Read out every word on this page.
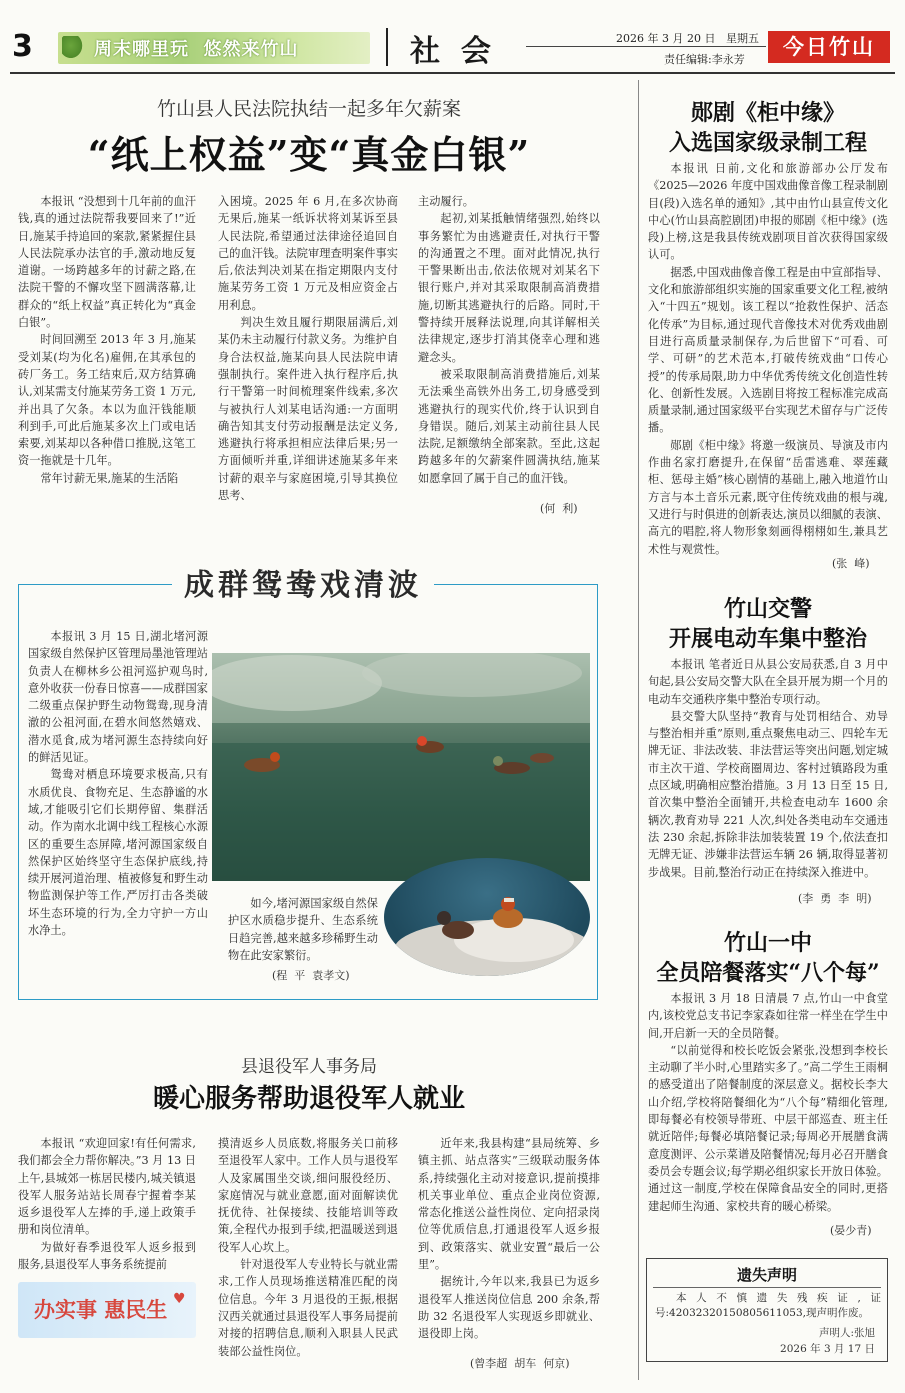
3	周末哪里玩  悠然来竹山	社  会	2026 年 3 月 20 日   星期五
责任编辑:李永芳
今日竹山
竹山县人民法院执结一起多年欠薪案
“纸上权益”变“真金白银”

本报讯 “没想到十几年前的血汗钱,真的通过法院帮我要回来了!”近日,施某手持追回的案款,紧紧握住县人民法院承办法官的手,激动地反复道谢。一场跨越多年的讨薪之路,在法院干警的不懈攻坚下圆满落幕,让群众的“纸上权益”真正转化为“真金白银”。

时间回溯至 2013 年 3 月,施某受刘某(均为化名)雇佣,在其承包的砖厂务工。务工结束后,双方结算确认,刘某需支付施某劳务工资 1 万元,并出具了欠条。本以为血汗钱能顺利到手,可此后施某多次上门或电话索要,刘某却以各种借口推脱,这笔工资一拖就是十几年。

常年讨薪无果,施某的生活陷

入困境。2025 年 6 月,在多次协商无果后,施某一纸诉状将刘某诉至县人民法院,希望通过法律途径追回自己的血汗钱。法院审理查明案件事实后,依法判决刘某在指定期限内支付施某劳务工资 1 万元及相应资金占用利息。

判决生效且履行期限届满后,刘某仍未主动履行付款义务。为维护自身合法权益,施某向县人民法院申请强制执行。案件进入执行程序后,执行干警第一时间梳理案件线索,多次与被执行人刘某电话沟通:一方面明确告知其支付劳动报酬是法定义务,逃避执行将承担相应法律后果;另一方面倾听并重,详细讲述施某多年来讨薪的艰辛与家庭困境,引导其换位思考、

主动履行。

起初,刘某抵触情绪强烈,始终以事务繁忙为由逃避责任,对执行干警的沟通置之不理。面对此情况,执行干警果断出击,依法依规对刘某名下银行账户,并对其采取限制高消费措施,切断其逃避执行的后路。同时,干警持续开展释法说理,向其详解相关法律规定,逐步打消其侥幸心理和逃避念头。

被采取限制高消费措施后,刘某无法乘坐高铁外出务工,切身感受到逃避执行的现实代价,终于认识到自身错误。随后,刘某主动前往县人民法院,足额缴纳全部案款。至此,这起跨越多年的欠薪案件圆满执结,施某如愿拿回了属于自己的血汗钱。

(何  利)
成群鸳鸯戏清波

本报讯 3 月 15 日,湖北堵河源国家级自然保护区管理局墨池管理站负责人在柳林乡公祖河巡护观鸟时,意外收获一份春日惊喜——成群国家二级重点保护野生动物鸳鸯,现身清澈的公祖河面,在碧水间悠然嬉戏、潜水觅食,成为堵河源生态持续向好的鲜活见证。

鸳鸯对栖息环境要求极高,只有水质优良、食物充足、生态静谧的水域,才能吸引它们长期停留、集群活动。作为南水北调中线工程核心水源区的重要生态屏障,堵河源国家级自然保护区始终坚守生态保护底线,持续开展河道治理、植被修复和野生动物监测保护等工作,严厉打击各类破坏生态环境的行为,全力守护一方山水净土。

如今,堵河源国家级自然保护区水质稳步提升、生态系统日趋完善,越来越多珍稀野生动物在此安家繁衍。

(程  平  袁孝文)
县退役军人事务局
暖心服务帮助退役军人就业

本报讯 “欢迎回家!有任何需求,我们都会全力帮你解决。”3 月 13 日上午,县城郊一栋居民楼内,城关镇退役军人服务站站长周春宁握着李某返乡退役军人左捧的手,递上政策手册和岗位清单。

为做好春季退役军人返乡报到服务,县退役军人事务系统提前

办实事 惠民生 ♥

摸清返乡人员底数,将服务关口前移至退役军人家中。工作人员与退役军人及家属围坐交谈,细问服役经历、家庭情况与就业意愿,面对面解读优抚优待、社保接续、技能培训等政策,全程代办报到手续,把温暖送到退役军人心坎上。

针对退役军人专业特长与就业需求,工作人员现场推送精准匹配的岗位信息。今年 3 月退役的王振,根据汉西关就通过县退役军人事务局提前对接的招聘信息,顺利入职县人民武装部公益性岗位。

近年来,我县构建“县局统筹、乡镇主抓、站点落实”三级联动服务体系,持续强化主动对接意识,提前摸排机关事业单位、重点企业岗位资源,常态化推送公益性岗位、定向招录岗位等优质信息,打通退役军人返乡报到、政策落实、就业安置“最后一公里”。

据统计,今年以来,我县已为返乡退役军人推送岗位信息 200 余条,帮助 32 名退役军人实现返乡即就业、退役即上岗。

(曾李超  胡车  何京)
郧剧《柜中缘》
入选国家级录制工程

本报讯 日前,文化和旅游部办公厅发布《2025—2026 年度中国戏曲像音像工程录制剧目(段)入选名单的通知》,其中由竹山县宣传文化中心(竹山县高腔剧团)申报的郧剧《柜中缘》(选段)上榜,这是我县传统戏剧项目首次获得国家级认可。

据悉,中国戏曲像音像工程是由中宣部指导、文化和旅游部组织实施的国家重要文化工程,被纳入“十四五”规划。该工程以“抢救性保护、活态化传承”为目标,通过现代音像技术对优秀戏曲剧目进行高质量录制保存,为后世留下“可看、可学、可研”的艺术范本,打破传统戏曲“口传心授”的传承局限,助力中华优秀传统文化创造性转化、创新性发展。入选剧目将按工程标准完成高质量录制,通过国家级平台实现艺术留存与广泛传播。

郧剧《柜中缘》将邀一级演员、导演及市内作曲名家打磨提升,在保留“岳雷逃难、翠莲藏柜、惩母主婚”核心剧情的基础上,融入地道竹山方言与本土音乐元素,既守住传统戏曲的根与魂,又进行与时俱进的创新表达,演员以细腻的表演、高亢的唱腔,将人物形象刻画得栩栩如生,兼具艺术性与观赏性。

(张  峰)
竹山交警
开展电动车集中整治

本报讯 笔者近日从县公安局获悉,自 3 月中旬起,县公安局交警大队在全县开展为期一个月的电动车交通秩序集中整治专项行动。

县交警大队坚持“教育与处罚相结合、劝导与整治相并重”原则,重点聚焦电动三、四轮车无牌无证、非法改装、非法营运等突出问题,划定城市主次干道、学校商圈周边、客村过镇路段为重点区域,明确相应整治措施。3 月 13 日至 15 日,首次集中整治全面铺开,共检查电动车 1600 余辆次,教育劝导 221 人次,纠处各类电动车交通违法 230 余起,拆除非法加装装置 19 个,依法查扣无牌无证、涉嫌非法营运车辆 26 辆,取得显著初步战果。目前,整治行动正在持续深入推进中。

(李  勇  李  明)
竹山一中
全员陪餐落实“八个每”

本报讯 3 月 18 日清晨 7 点,竹山一中食堂内,该校党总支书记李家森如往常一样坐在学生中间,开启新一天的全员陪餐。

“以前觉得和校长吃饭会紧张,没想到李校长主动聊了半小时,心里踏实多了。”高二学生王雨桐的感受道出了陪餐制度的深层意义。据校长李大山介绍,学校将陪餐细化为“八个每”精细化管理,即每餐必有校领导带班、中层干部巡查、班主任就近陪伴;每餐必填陪餐记录;每周必开展膳食满意度测评、公示菜谱及陪餐情况;每月必召开膳食委员会专题会议;每学期必组织家长开放日体验。通过这一制度,学校在保障食品安全的同时,更搭建起师生沟通、家校共育的暖心桥梁。

(晏少青)
遗失声明

本人不慎遗失残疾证,证号:42032320150805611053,现声明作废。

声明人:张旭
2026 年 3 月 17 日
